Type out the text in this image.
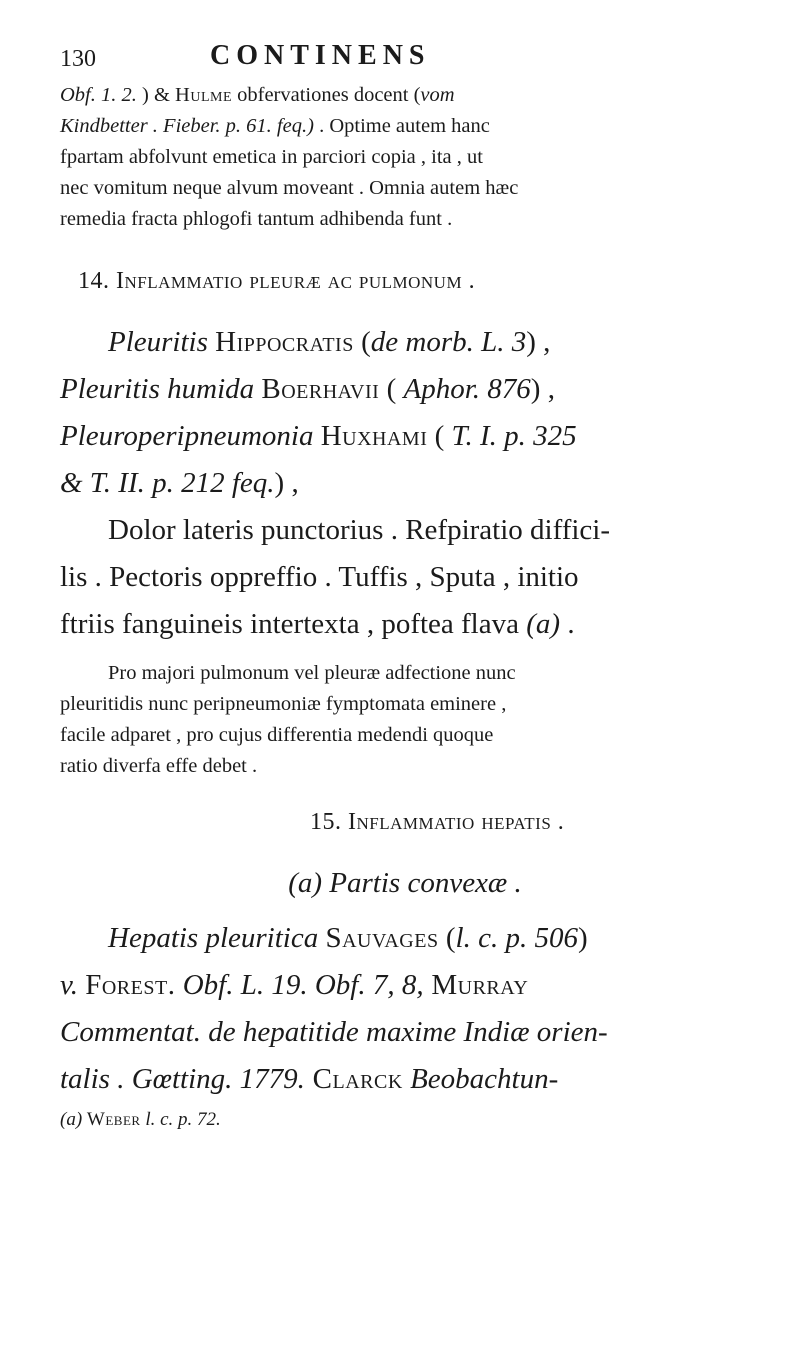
130	CONTINENS

Obf. 1. 2. ) & Hulme obfervationes docent (vom

Kindbetter . Fieber. p. 61. feq.) . Optime autem hanc

fpartam abfolvunt emetica in parciori copia , ita , ut

nec vomitum neque alvum moveant . Omnia autem hæc

remedia fracta phlogofi tantum adhibenda funt .

14. Inflammatio pleuræ ac pulmonum .

Pleuritis Hippocratis (de morb. L. 3) ,

Pleuritis humida Boerhavii ( Aphor. 876) ,

Pleuroperipneumonia Huxhami ( T. I. p. 325

& T. II. p. 212 feq.) ,

Dolor lateris punctorius . Refpiratio diffici-

lis . Pectoris oppreffio . Tuffis , Sputa , initio

ftriis fanguineis intertexta , poftea flava (a) .

Pro majori pulmonum vel pleuræ adfectione nunc

pleuritidis nunc peripneumoniæ fymptomata eminere ,

facile adparet , pro cujus differentia medendi quoque

ratio diverfa effe debet .

15. Inflammatio hepatis .

(a) Partis convexæ .

Hepatis pleuritica Sauvages (l. c. p. 506)

v. Forest. Obf. L. 19. Obf. 7, 8, Murray

Commentat. de hepatitide maxime Indiæ orien-

talis . Gœtting. 1779. Clarck Beobachtun-

(a) Weber l. c. p. 72.
